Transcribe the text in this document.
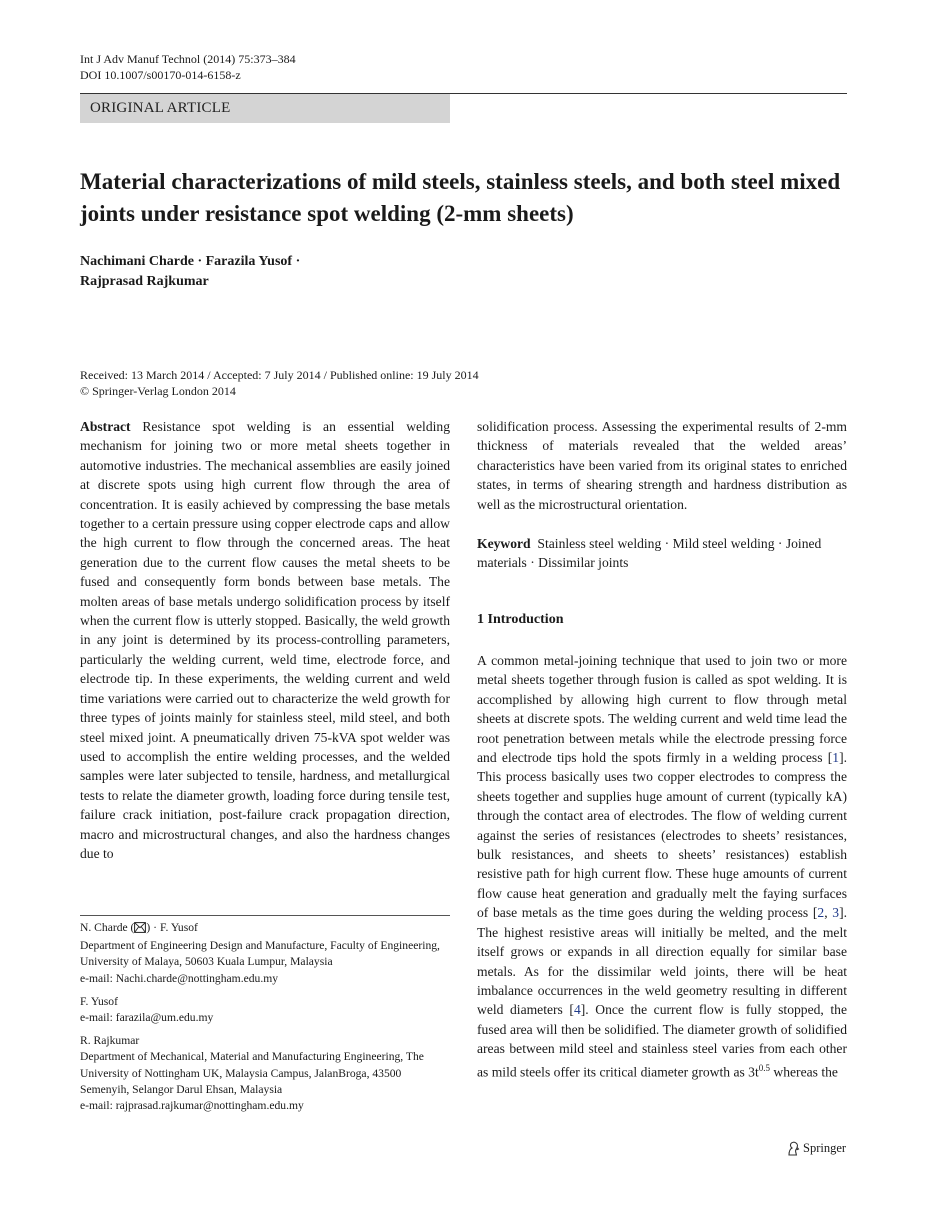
Int J Adv Manuf Technol (2014) 75:373–384
DOI 10.1007/s00170-014-6158-z
ORIGINAL ARTICLE
Material characterizations of mild steels, stainless steels, and both steel mixed joints under resistance spot welding (2-mm sheets)
Nachimani Charde · Farazila Yusof ·
Rajprasad Rajkumar
Received: 13 March 2014 / Accepted: 7 July 2014 / Published online: 19 July 2014
© Springer-Verlag London 2014

Abstract Resistance spot welding is an essential welding mechanism for joining two or more metal sheets together in automotive industries. The mechanical assemblies are easily joined at discrete spots using high current flow through the area of concentration. It is easily achieved by compressing the base metals together to a certain pressure using copper electrode caps and allow the high current to flow through the concerned areas. The heat generation due to the current flow causes the metal sheets to be fused and consequently form bonds between base metals. The molten areas of base metals undergo solidification process by itself when the current flow is utterly stopped. Basically, the weld growth in any joint is determined by its process-controlling parameters, particularly the welding current, weld time, electrode force, and electrode tip. In these experiments, the welding current and weld time variations were carried out to characterize the weld growth for three types of joints mainly for stainless steel, mild steel, and both steel mixed joint. A pneumatically driven 75-kVA spot welder was used to accomplish the entire welding processes, and the welded samples were later subjected to tensile, hardness, and metallurgical tests to relate the diameter growth, loading force during tensile test, failure crack initiation, post-failure crack propagation direction, macro and microstructural changes, and also the hardness changes due to

solidification process. Assessing the experimental results of 2-mm thickness of materials revealed that the welded areas’ characteristics have been varied from its original states to enriched states, in terms of shearing strength and hardness distribution as well as the microstructural orientation.

Keyword Stainless steel welding · Mild steel welding · Joined materials · Dissimilar joints

1 Introduction

A common metal-joining technique that used to join two or more metal sheets together through fusion is called as spot welding. It is accomplished by allowing high current to flow through metal sheets at discrete spots. The welding current and weld time lead the root penetration between metals while the electrode pressing force and electrode tips hold the spots firmly in a welding process [1]. This process basically uses two copper electrodes to compress the sheets together and supplies huge amount of current (typically kA) through the contact area of electrodes. The flow of welding current against the series of resistances (electrodes to sheets’ resistances, bulk resistances, and sheets to sheets’ resistances) establish resistive path for high current flow. These huge amounts of current flow cause heat generation and gradually melt the faying surfaces of base metals as the time goes during the welding process [2, 3]. The highest resistive areas will initially be melted, and the melt itself grows or expands in all direction equally for similar base metals. As for the dissimilar weld joints, there will be heat imbalance occurrences in the weld geometry resulting in different weld diameters [4]. Once the current flow is fully stopped, the fused area will then be solidified. The diameter growth of solidified areas between mild steel and stainless steel varies from each other as mild steels offer its critical diameter growth as $3t^{0.5}$ whereas the

N. Charde ( ) · F. Yusof
Department of Engineering Design and Manufacture, Faculty of Engineering, University of Malaya, 50603 Kuala Lumpur, Malaysia
e-mail: Nachi.charde@nottingham.edu.my

F. Yusof
e-mail: farazila@um.edu.my

R. Rajkumar
Department of Mechanical, Material and Manufacturing Engineering, The University of Nottingham UK, Malaysia Campus, JalanBroga, 43500 Semenyih, Selangor Darul Ehsan, Malaysia
e-mail: rajprasad.rajkumar@nottingham.edu.my

Springer
